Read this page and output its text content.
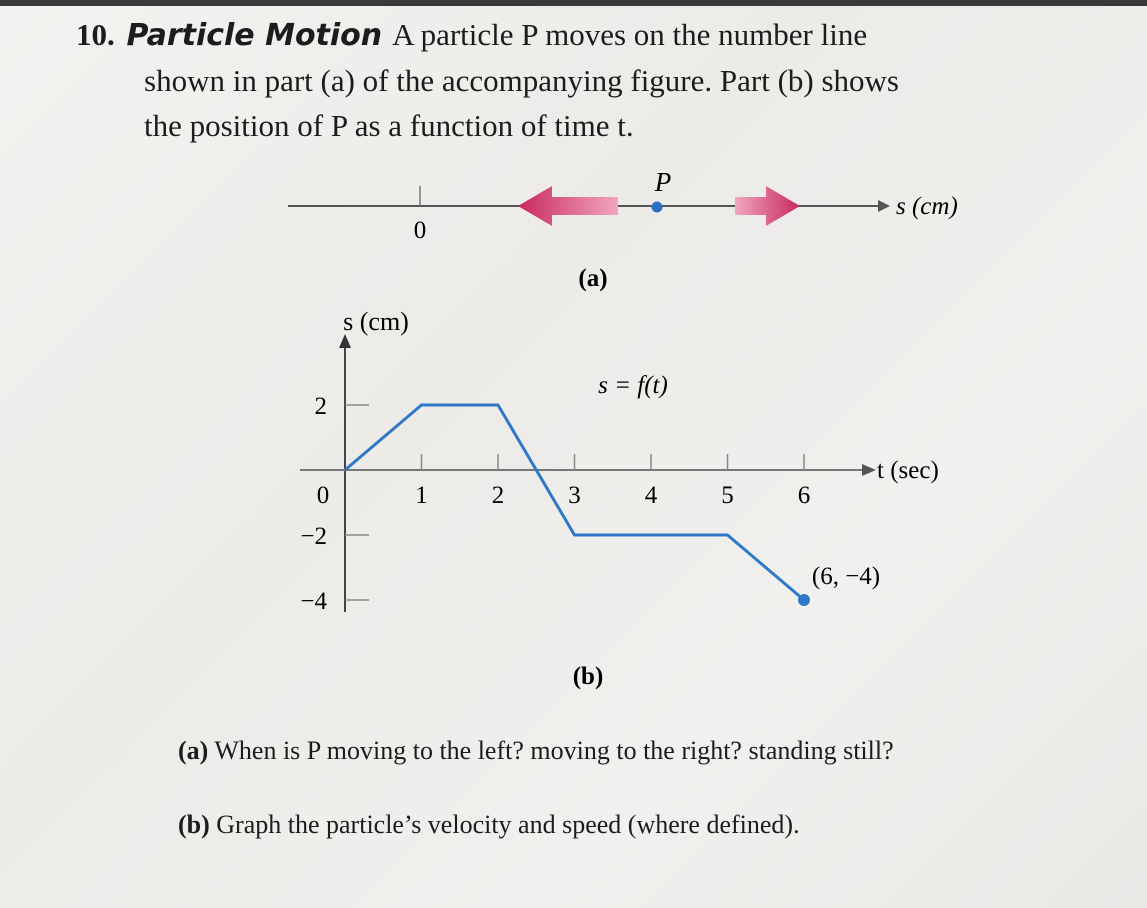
10. Particle Motion A particle P moves on the number line
shown in part (a) of the accompanying figure. Part (b) shows
the position of P as a function of time t.
0
P
s (cm)
(a)
s (cm)
t (sec)
s = f(t)
(6, −4)
(b)
0	1	2	3	4	5	6
2
−2
−4
(a) When is P moving to the left? moving to the right? standing still?
(b) Graph the particle’s velocity and speed (where defined).
